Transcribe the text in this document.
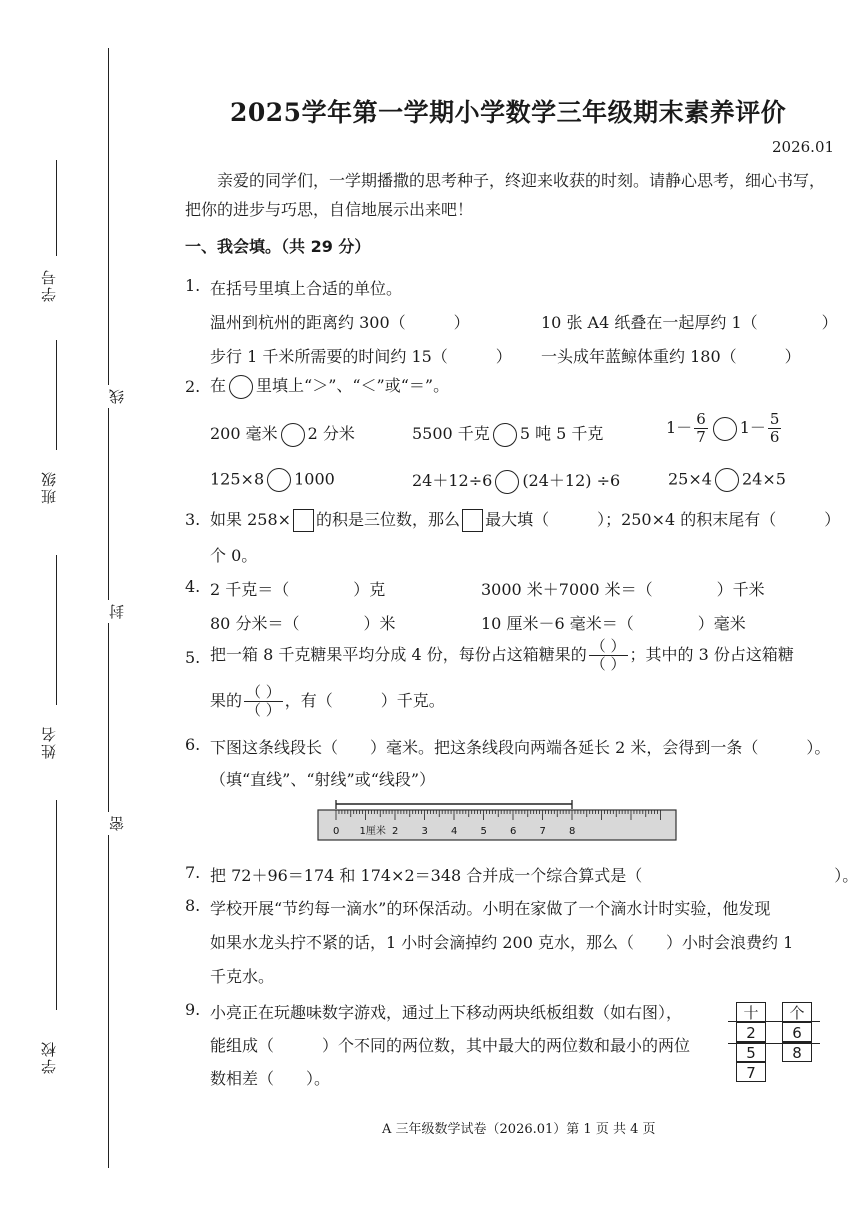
学号
班级
姓名
学校
线
封
密
2025学年第一学期小学数学三年级期末素养评价
2026.01
亲爱的同学们，一学期播撒的思考种子，终迎来收获的时刻。请静心思考，细心书写，把你的进步与巧思，自信地展示出来吧！
一、我会填。（共 29 分）
1. 在括号里填上合适的单位。
温州到杭州的距离约 300（　　　）	10 张 A4 纸叠在一起厚约 1（　　　　）
步行 1 千米所需要的时间约 15（　　　） 一头成年蓝鲸体重约 180（　　　）
2. 在 里填上“＞”、“＜”或“＝”。
200 毫米 2 分米	5500 千克 5 吨 5 千克	$1- \frac{6}{7} 1- \frac{5}{6}$
125×8 1000	24＋12÷6 (24＋12) ÷6	25×4 24×5
3. 如果 258× 的积是三位数，那么 最大填（　　　）；250×4 的积末尾有（　　　）
个 0。
4. 2 千克＝（　　　　）克	3000 米＋7000 米＝（　　　　）千米
80 分米＝（　　　　）米	10 厘米－6 毫米＝（　　　　）毫米
5. 把一箱 8 千克糖果平均分成 4 份，每份占这箱糖果的 $\frac{( )}{( )}$ ；其中的 3 份占这箱糖
果的 $\frac{( )}{( )}$ ，有（　　　）千克。
6. 下图这条线段长（　　）毫米。把这条线段向两端各延长 2 米，会得到一条（　　　）。
（填“直线”、“射线”或“线段”）
0 1厘米 2 3 4 5 6 7 8
7. 把 72＋96＝174 和 174×2＝348 合并成一个综合算式是（　　　　　　　　　　　　）。
8. 学校开展“节约每一滴水”的环保活动。小明在家做了一个滴水计时实验，他发现
如果水龙头拧不紧的话，1 小时会滴掉约 200 克水，那么（　　）小时会浪费约 1
千克水。
9. 小亮正在玩趣味数字游戏，通过上下移动两块纸板组数（如右图），
能组成（　　　）个不同的两位数，其中最大的两位数和最小的两位
数相差（　　）。
十	个
2
5
7
6
8
A 三年级数学试卷（2026.01）第 1 页 共 4 页
